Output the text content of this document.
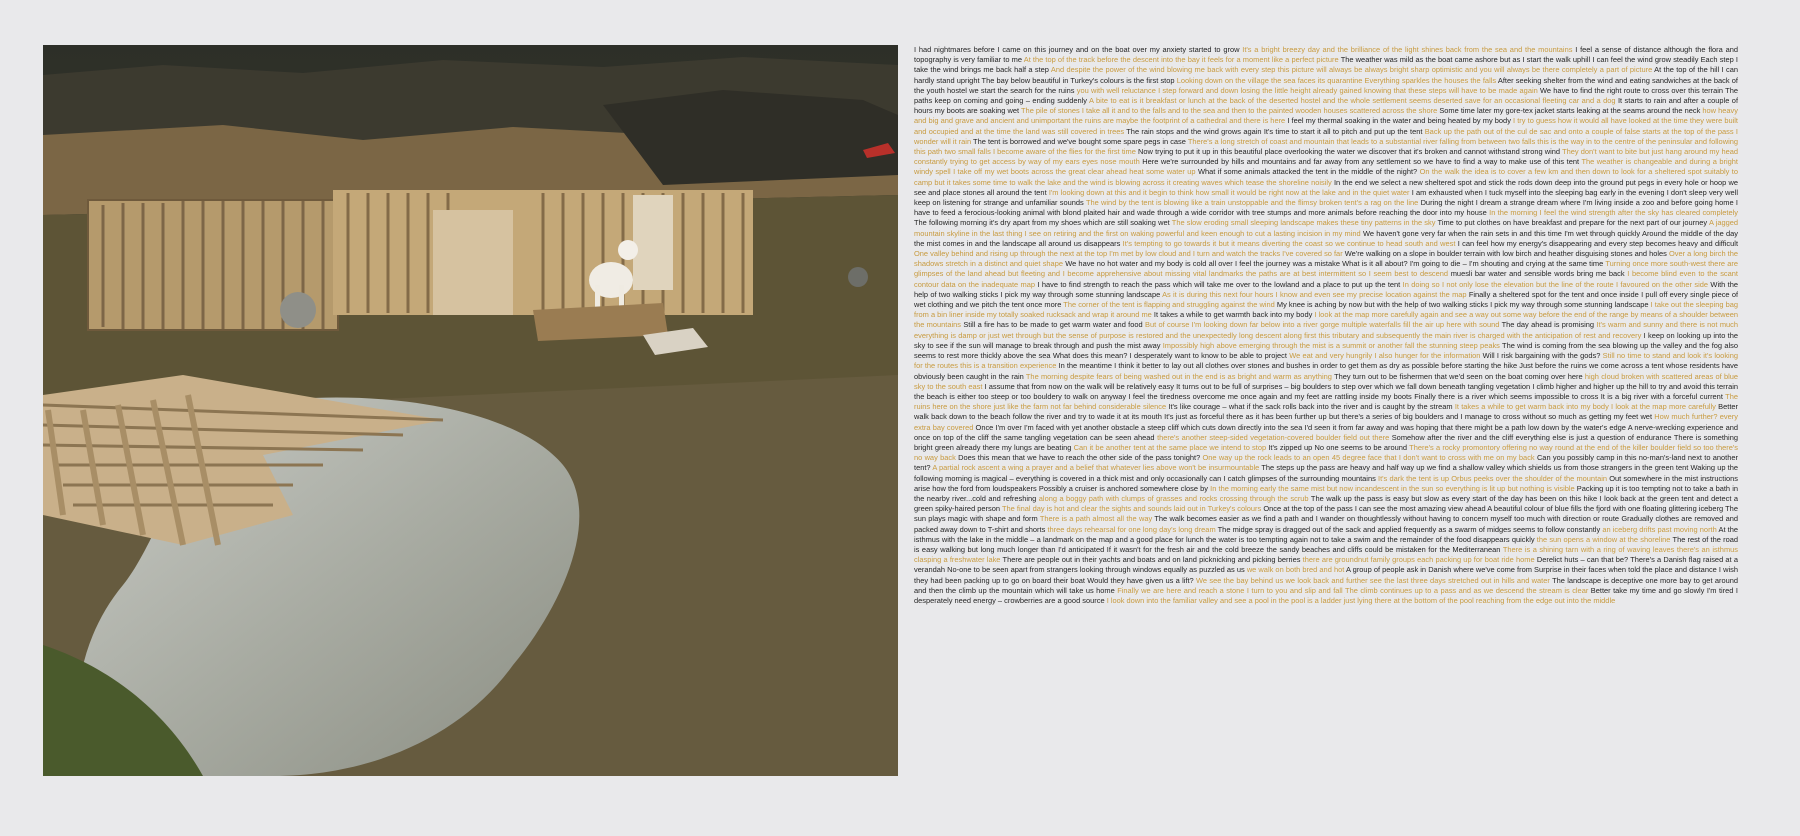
I had nightmares before I came on this journey and on the boat over my anxiety started to grow It's a bright breezy day and the brilliance of the light shines back from the sea and the mountains I feel a sense of distance although the flora and topography is very familiar to me At the top of the track before the descent into the bay it feels for a moment like a perfect picture The weather was mild as the boat came ashore but as I start the walk uphill I can feel the wind grow steadily Each step I take the wind brings me back half a step And despite the power of the wind blowing me back with every step this picture will always be always bright sharp optimistic and you will always be there completely a part of picture At the top of the hill I can hardly stand upright The bay below beautiful in Turkey's colours is the first stop Looking down on the village the sea faces its quarantine Everything sparkles the houses the falls After seeking shelter from the wind and eating sandwiches at the back of the youth hostel we start the search for the ruins you with well reluctance I step forward and down losing the little height already gained knowing that these steps will have to be made again We have to find the right route to cross over this terrain The paths keep on coming and going – ending suddenly A bite to eat is it breakfast or lunch at the back of the deserted hostel and the whole settlement seems deserted save for an occasional fleeting car and a dog It starts to rain and after a couple of hours my boots are soaking wet The pile of stones I take all it and to the falls and to the sea and then to the painted wooden houses scattered across the shore Some time later my gore-tex jacket starts leaking at the seams around the neck how heavy and big and grave and ancient and unimportant the ruins are maybe the footprint of a cathedral and there is here I feel my thermal soaking in the water and being heated by my body I try to guess how it would all have looked at the time they were built and occupied and at the time the land was still covered in trees The rain stops and the wind grows again It's time to start it all to pitch and put up the tent Back up the path out of the cul de sac and onto a couple of false starts at the top of the pass I wonder will it rain The tent is borrowed and we've bought some spare pegs in case There's a long stretch of coast and mountain that leads to a substantial river falling from between two falls this is the way in to the centre of the peninsular and following this path two small falls I become aware of the flies for the first time Now trying to put it up in this beautiful place overlooking the water we discover that it's broken and cannot withstand strong wind They don't want to bite but just hang around my head constantly trying to get access by way of my ears eyes nose mouth Here we're surrounded by hills and mountains and far away from any settlement so we have to find a way to make use of this tent The weather is changeable and during a bright windy spell I take off my wet boots across the great clear ahead heat some water up What if some animals attacked the tent in the middle of the night? On the walk the idea is to cover a few km and then down to look for a sheltered spot suitably to camp but it takes some time to walk the lake and the wind is blowing across it creating waves which tease the shoreline noisily In the end we select a new sheltered spot and stick the rods down deep into the ground put pegs in every hole or hoop we see and place stones all around the tent I'm looking down at this and it begin to think how small it would be right now at the lake and in the quiet water I am exhausted when I tuck myself into the sleeping bag early in the evening I don't sleep very well keep on listening for strange and unfamiliar sounds The wind by the tent is blowing like a train unstoppable and the flimsy broken tent's a rag on the line During the night I dream a strange dream where I'm living inside a zoo and before going home I have to feed a ferocious-looking animal with blond plaited hair and wade through a wide corridor with tree stumps and more animals before reaching the door into my house In the morning I feel the wind strength after the sky has cleared completely The following morning it's dry apart from my shoes which are still soaking wet The slow eroding small sleeping landscape makes these tiny patterns in the sky Time to put clothes on have breakfast and prepare for the next part of our journey A jagged mountain skyline in the last thing I see on retiring and the first on waking powerful and keen enough to cut a lasting incision in my mind We haven't gone very far when the rain sets in and this time I'm wet through quickly Around the middle of the day the mist comes in and the landscape all around us disappears It's tempting to go towards it but it means diverting the coast so we continue to head south and west I can feel how my energy's disappearing and every step becomes heavy and difficult One valley behind and rising up through the next at the top I'm met by low cloud and I turn and watch the tracks I've covered so far We're walking on a slope in boulder terrain with low birch and heather disguising stones and holes Over a long birch the shadows stretch in a distinct and quiet shape We have no hot water and my body is cold all over I feel the journey was a mistake What is it all about? I'm going to die – I'm shouting and crying at the same time Turning once more south-west there are glimpses of the land ahead but fleeting and I become apprehensive about missing vital landmarks the paths are at best intermittent so I seem best to descend muesli bar water and sensible words bring me back I become blind even to the scant contour data on the inadequate map I have to find strength to reach the pass which will take me over to the lowland and a place to put up the tent In doing so I not only lose the elevation but the line of the route I favoured on the other side With the help of two walking sticks I pick my way through some stunning landscape As it is during this next four hours I know and even see my precise location against the map Finally a sheltered spot for the tent and once inside I pull off every single piece of wet clothing and we pitch the tent once more The corner of the tent is flapping and struggling against the wind My knee is aching by now but with the help of two walking sticks I pick my way through some stunning landscape I take out the sleeping bag from a bin liner inside my totally soaked rucksack and wrap it around me It takes a while to get warmth back into my body I look at the map more carefully again and see a way out some way before the end of the range by means of a shoulder between the mountains Still a fire has to be made to get warm water and food But of course I'm looking down far below into a river gorge multiple waterfalls fill the air up here with sound The day ahead is promising It's warm and sunny and there is not much everything is damp or just wet through but the sense of purpose is restored and the unexpectedly long descent along first this tributary and subsequently the main river is charged with the anticipation of rest and recovery I keep on looking up into the sky to see if the sun will manage to break through and push the mist away Impossibly high above emerging through the mist is a summit or another fall the stunning steep peaks The wind is coming from the sea blowing up the valley and the fog also seems to rest more thickly above the sea What does this mean? I desperately want to know to be able to project We eat and very hungrily I also hunger for the information Will I risk bargaining with the gods? Still no time to stand and look it's looking for the routes this is a transition experience In the meantime I think it better to lay out all clothes over stones and bushes in order to get them as dry as possible before starting the hike Just before the ruins we come across a tent whose residents have obviously been caught in the rain The morning despite fears of being washed out in the end is as bright and warm as anything They turn out to be fishermen that we'd seen on the boat coming over here high cloud broken with scattered areas of blue sky to the south east I assume that from now on the walk will be relatively easy It turns out to be full of surprises – big boulders to step over which we fall down beneath tangling vegetation I climb higher and higher up the hill to try and avoid this terrain the beach is either too steep or too bouldery to walk on anyway I feel the tiredness overcome me once again and my feet are rattling inside my boots Finally there is a river which seems impossible to cross It is a big river with a forceful current The ruins here on the shore just like the farm not far behind considerable silence It's like courage – what if the sack rolls back into the river and is caught by the stream It takes a while to get warm back into my body I look at the map more carefully Better walk back down to the beach follow the river and try to wade it at its mouth It's just as forceful there as it has been further up but there's a series of big boulders and I manage to cross without so much as getting my feet wet How much further? every extra bay covered Once I'm over I'm faced with yet another obstacle a steep cliff which cuts down directly into the sea I'd seen it from far away and was hoping that there might be a path low down by the water's edge A nerve-wrecking experience and once on top of the cliff the same tangling vegetation can be seen ahead there's another steep-sided vegetation-covered boulder field out there Somehow after the river and the cliff everything else is just a question of endurance There is something bright green already there my lungs are beating Can it be another tent at the same place we intend to stop It's zipped up No one seems to be around There's a rocky promontory offering no way round at the end of the killer boulder field so too there's no way back Does this mean that we have to reach the other side of the pass tonight? One way up the rock leads to an open 45 degree face that I don't want to cross with me on my back Can you possibly camp in this no-man's-land next to another tent? A partial rock ascent a wing a prayer and a belief that whatever lies above won't be insurmountable The steps up the pass are heavy and half way up we find a shallow valley which shields us from those strangers in the green tent Waking up the following morning is magical – everything is covered in a thick mist and only occasionally can I catch glimpses of the surrounding mountains It's dark the tent is up Orbus peeks over the shoulder of the mountain Out somewhere in the mist instructions arise how the ford from loudspeakers Possibly a cruiser is anchored somewhere close by In the morning early the same mist but now incandescent in the sun so everything is lit up but nothing is visible Packing up it is too tempting not to take a bath in the nearby river...cold and refreshing along a boggy path with clumps of grasses and rocks crossing through the scrub The walk up the pass is easy but slow as every start of the day has been on this hike I look back at the green tent and detect a green spiky-haired person The final day is hot and clear the sights and sounds laid out in Turkey's colours Once at the top of the pass I can see the most amazing view ahead A beautiful colour of blue fills the fjord with one floating glittering iceberg The sun plays magic with shape and form There is a path almost all the way The walk becomes easier as we find a path and I wander on thoughtlessly without having to concern myself too much with direction or route Gradually clothes are removed and packed away down to T-shirt and shorts three days rehearsal for one long day's long dream The midge spray is dragged out of the sack and applied frequently as a swarm of midges seems to follow constantly an iceberg drifts past moving north At the isthmus with the lake in the middle – a landmark on the map and a good place for lunch the water is too tempting again not to take a swim and the remainder of the food disappears quickly the sun opens a window at the shoreline The rest of the road is easy walking but long much longer than I'd anticipated If it wasn't for the fresh air and the cold breeze the sandy beaches and cliffs could be mistaken for the Mediterranean There is a shining tarn with a ring of waving leaves there's an isthmus clasping a freshwater lake There are people out in their yachts and boats and on land picknicking and picking berries there are groundnut family groups each packing up for boat ride home Derelict huts – can that be? There's a Danish flag raised at a verandah No-one to be seen apart from strangers looking through windows equally as puzzled as us we walk on both bred and hot A group of people ask in Danish where we've come from Surprise in their faces when told the place and distance I wish they had been packing up to go on board their boat Would they have given us a lift? We see the bay behind us we look back and further see the last three days stretched out in hills and water The landscape is deceptive one more bay to get around and then the climb up the mountain which will take us home Finally we are here and reach a stone I turn to you and slip and fall The climb continues up to a pass and as we descend the stream is clear Better take my time and go slowly I'm tired I desperately need energy – crowberries are a good source I look down into the familiar valley and see a pool in the pool is a ladder just lying there at the bottom of the pool reaching from the edge out into the middle
